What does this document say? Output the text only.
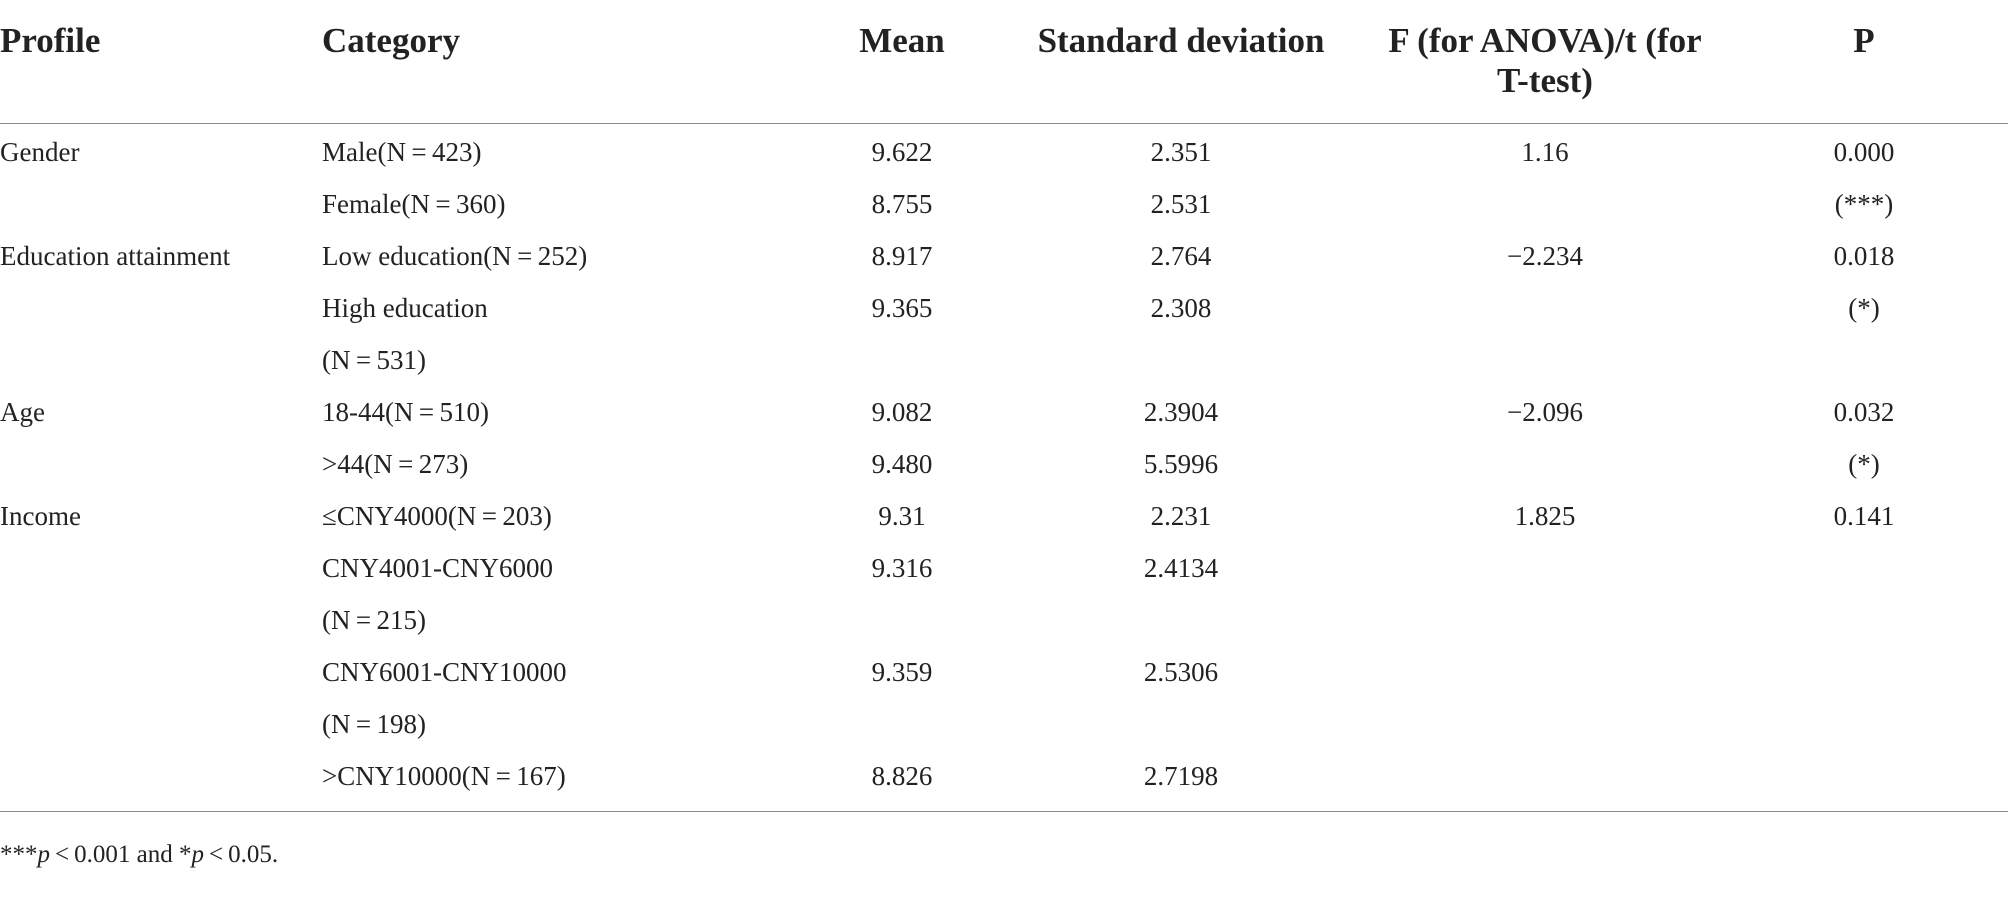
Profile	Category	Mean	Standard deviation	F (for ANOVA)/t (for
T-test)	P
Gender	Male(N = 423)	9.622	2.351	1.16	0.000
	Female(N = 360)	8.755	2.531		(***)
Education attainment	Low education(N = 252)	8.917	2.764	−2.234	0.018
	High education	9.365	2.308		(*)
	(N = 531)				
Age	18-44(N = 510)	9.082	2.3904	−2.096	0.032
	>44(N = 273)	9.480	5.5996		(*)
Income	≤CNY4000(N = 203)	9.31	2.231	1.825	0.141
	CNY4001-CNY6000	9.316	2.4134		
	(N = 215)				
	CNY6001-CNY10000	9.359	2.5306		
	(N = 198)				
	>CNY10000(N = 167)	8.826	2.7198		
***p < 0.001 and *p < 0.05.
